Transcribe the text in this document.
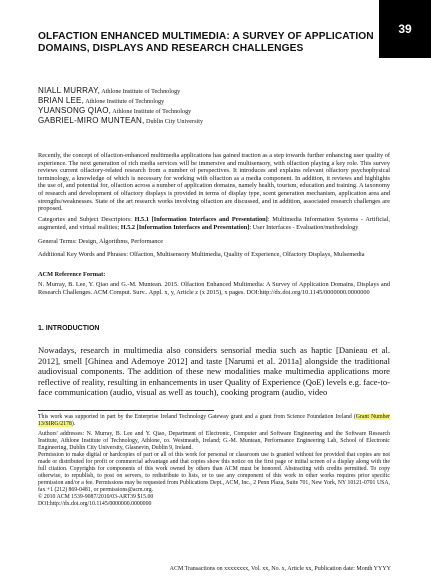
39
OLFACTION ENHANCED MULTIMEDIA: A SURVEY OF APPLICATION DOMAINS, DISPLAYS AND RESEARCH CHALLENGES
NIALL MURRAY, Athlone Institute of Technology
BRIAN LEE, Athlone Institute of Technology
YUANSONG QIAO, Athlone Institute of Technology
GABRIEL-MIRO MUNTEAN, Dublin City University
Recently, the concept of olfaction-enhanced multimedia applications has gained traction as a step towards further enhancing user quality of experience. The next generation of rich media services will be immersive and multisensory, with olfaction playing a key role. This survey reviews current olfactory-related research from a number of perspectives. It introduces and explains relevant olfactory psychophysical terminology, a knowledge of which is necessary for working with olfaction as a media component. In addition, it reviews and highlights the use of, and potential for, olfaction across a number of application domains, namely health, tourism, education and training. A taxonomy of research and development of olfactory displays is provided in terms of display type, scent generation mechanism, application area and strengths/weaknesses. State of the art research works involving olfaction are discussed, and in addition, associated research challenges are proposed.
Categories and Subject Descriptors: H.5.1 [Information Interfaces and Presentation]: Multimedia Information Systems - Artificial, augmented, and virtual realities; H.5.2 [Information Interfaces and Presentation]: User Interfaces - Evaluation/methodology
General Terms: Design, Algorithms, Performance
Additional Key Words and Phrases: Olfaction, Multisensory Multimedia, Quality of Experience, Olfactory Displays, Mulsemedia
ACM Reference Format:
N. Murray, B. Lee, Y. Qiao and G.-M. Muntean. 2015. Olfaction Enhanced Multimedia: A Survey of Application Domains, Displays and Research Challenges. ACM Comput. Surv.. Appl. x, y, Article z (x 2015), x pages. DOI:http://dx.doi.org/10.1145/0000000.0000000
1. INTRODUCTION
Nowadays, research in multimedia also considers sensorial media such as haptic [Danieau et al. 2012], smell [Ghinea and Ademoye 2012] and taste [Narumi et al. 2011a] alongside the traditional audiovisual components. The addition of these new modalities make multimedia applications more reflective of reality, resulting in enhancements in user Quality of Experience (QoE) levels e.g. face-to-face communication (audio, visual as well as touch), cooking program (audio, video

This work was supported in part by the Enterprise Ireland Technology Gateway grant and a grant from Science Foundation Ireland (Grant Number 13/SIRG/2178).

Authors' addresses: N. Murray, B. Lee and Y. Qiao, Department of Electronic, Computer and Software Engineering and the Software Research Institute, Athlone Institute of Technology, Athlone, co. Westmeath, Ireland; G.-M. Muntean, Performance Engineering Lab, School of Electronic Engineering, Dublin City University, Glasnevin, Dublin 9, Ireland.

Permission to make digital or hardcopies of part or all of this work for personal or classroom use is granted without fee provided that copies are not made or distributed for profit or commercial advantage and that copies show this notice on the first page or initial screen of a display along with the full citation. Copyrights for components of this work owned by others than ACM must be honored. Abstracting with credits permitted. To copy otherwise, to republish, to post on servers, to redistribute to lists, or to use any component of this work in other works requires prior specific permission and/or a fee. Permissions may be requested from Publications Dept., ACM, Inc., 2 Penn Plaza, Suite 701, New York, NY 10121-0701 USA, fax +1 (212) 869-0481, or permissions@acm.org.

© 2010 ACM 1539-9087/2010/03-ART39 $15.00

DOI:http://dx.doi.org/10.1145/0000000.0000000

ACM Transactions on xxxxxxxx, Vol. xx, No. x, Article xx, Publication date: Month YYYY
